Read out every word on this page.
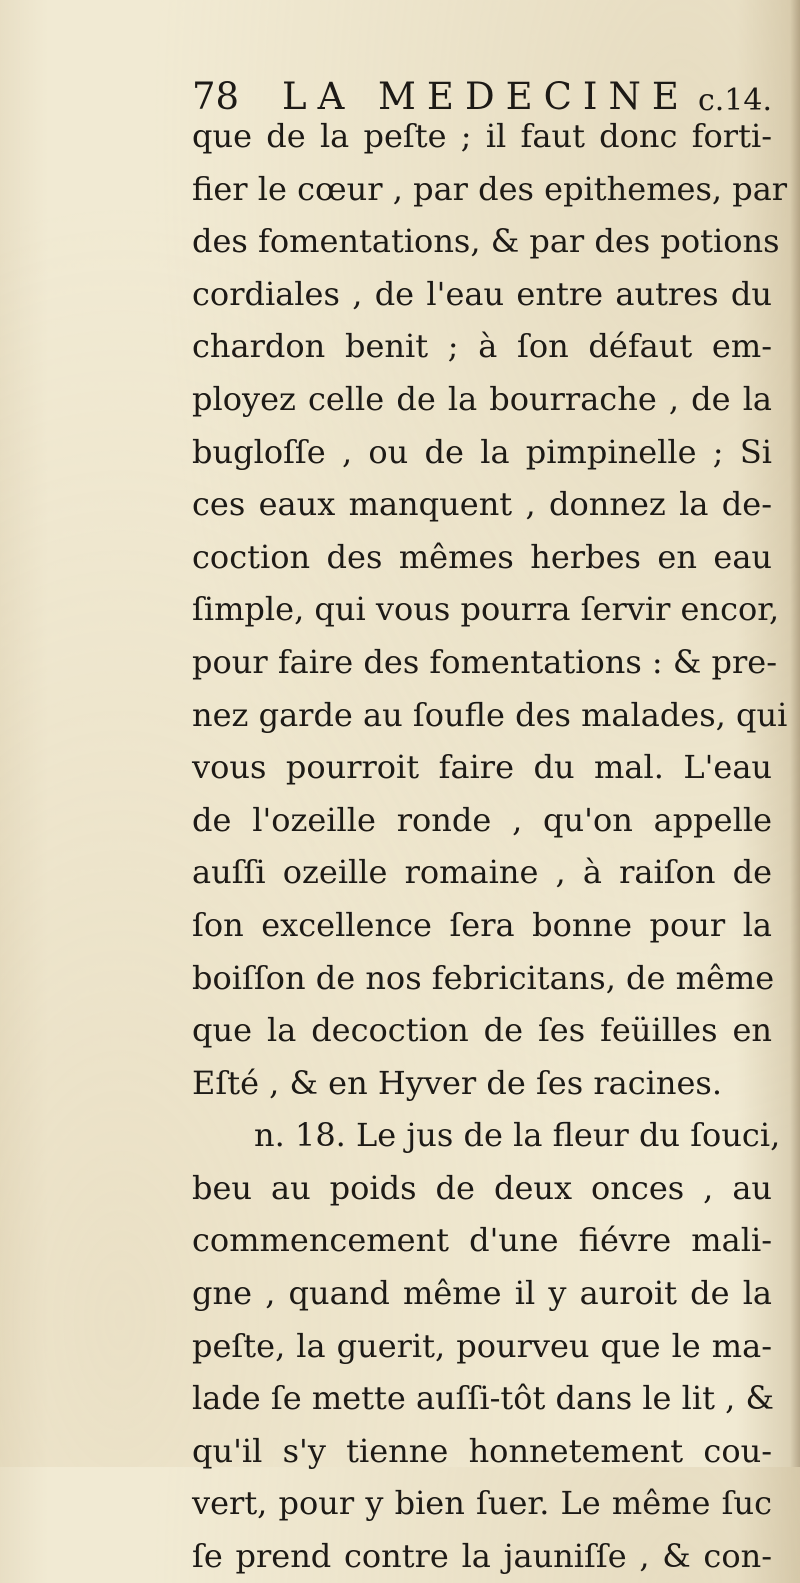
78 LA MEDECINE c.14.
que de la peſte ; il faut donc forti-
fier le cœur , par des epithemes, par
des fomentations, & par des potions
cordiales , de l'eau entre autres du
chardon benit ; à ſon défaut em-
ployez celle de la bourrache , de la
bugloſſe , ou de la pimpinelle ; Si
ces eaux manquent , donnez la de-
coction des mêmes herbes en eau
ſimple, qui vous pourra ſervir encor,
pour faire des fomentations : & pre-
nez garde au ſoufle des malades, qui
vous pourroit faire du mal. L'eau
de l'ozeille ronde , qu'on appelle
auſſi ozeille romaine , à raiſon de
ſon excellence ſera bonne pour la
boiſſon de nos febricitans, de même
que la decoction de ſes feüilles en
Eſté , & en Hyver de ſes racines.
n. 18. Le jus de la fleur du ſouci,
beu au poids de deux onces , au
commencement d'une fiévre mali-
gne , quand même il y auroit de la
peſte, la guerit, pourveu que le ma-
lade ſe mette auſſi-tôt dans le lit , &
qu'il s'y tienne honnetement cou-
vert, pour y bien ſuer. Le même ſuc
ſe prend contre la jauniſſe , & con-
